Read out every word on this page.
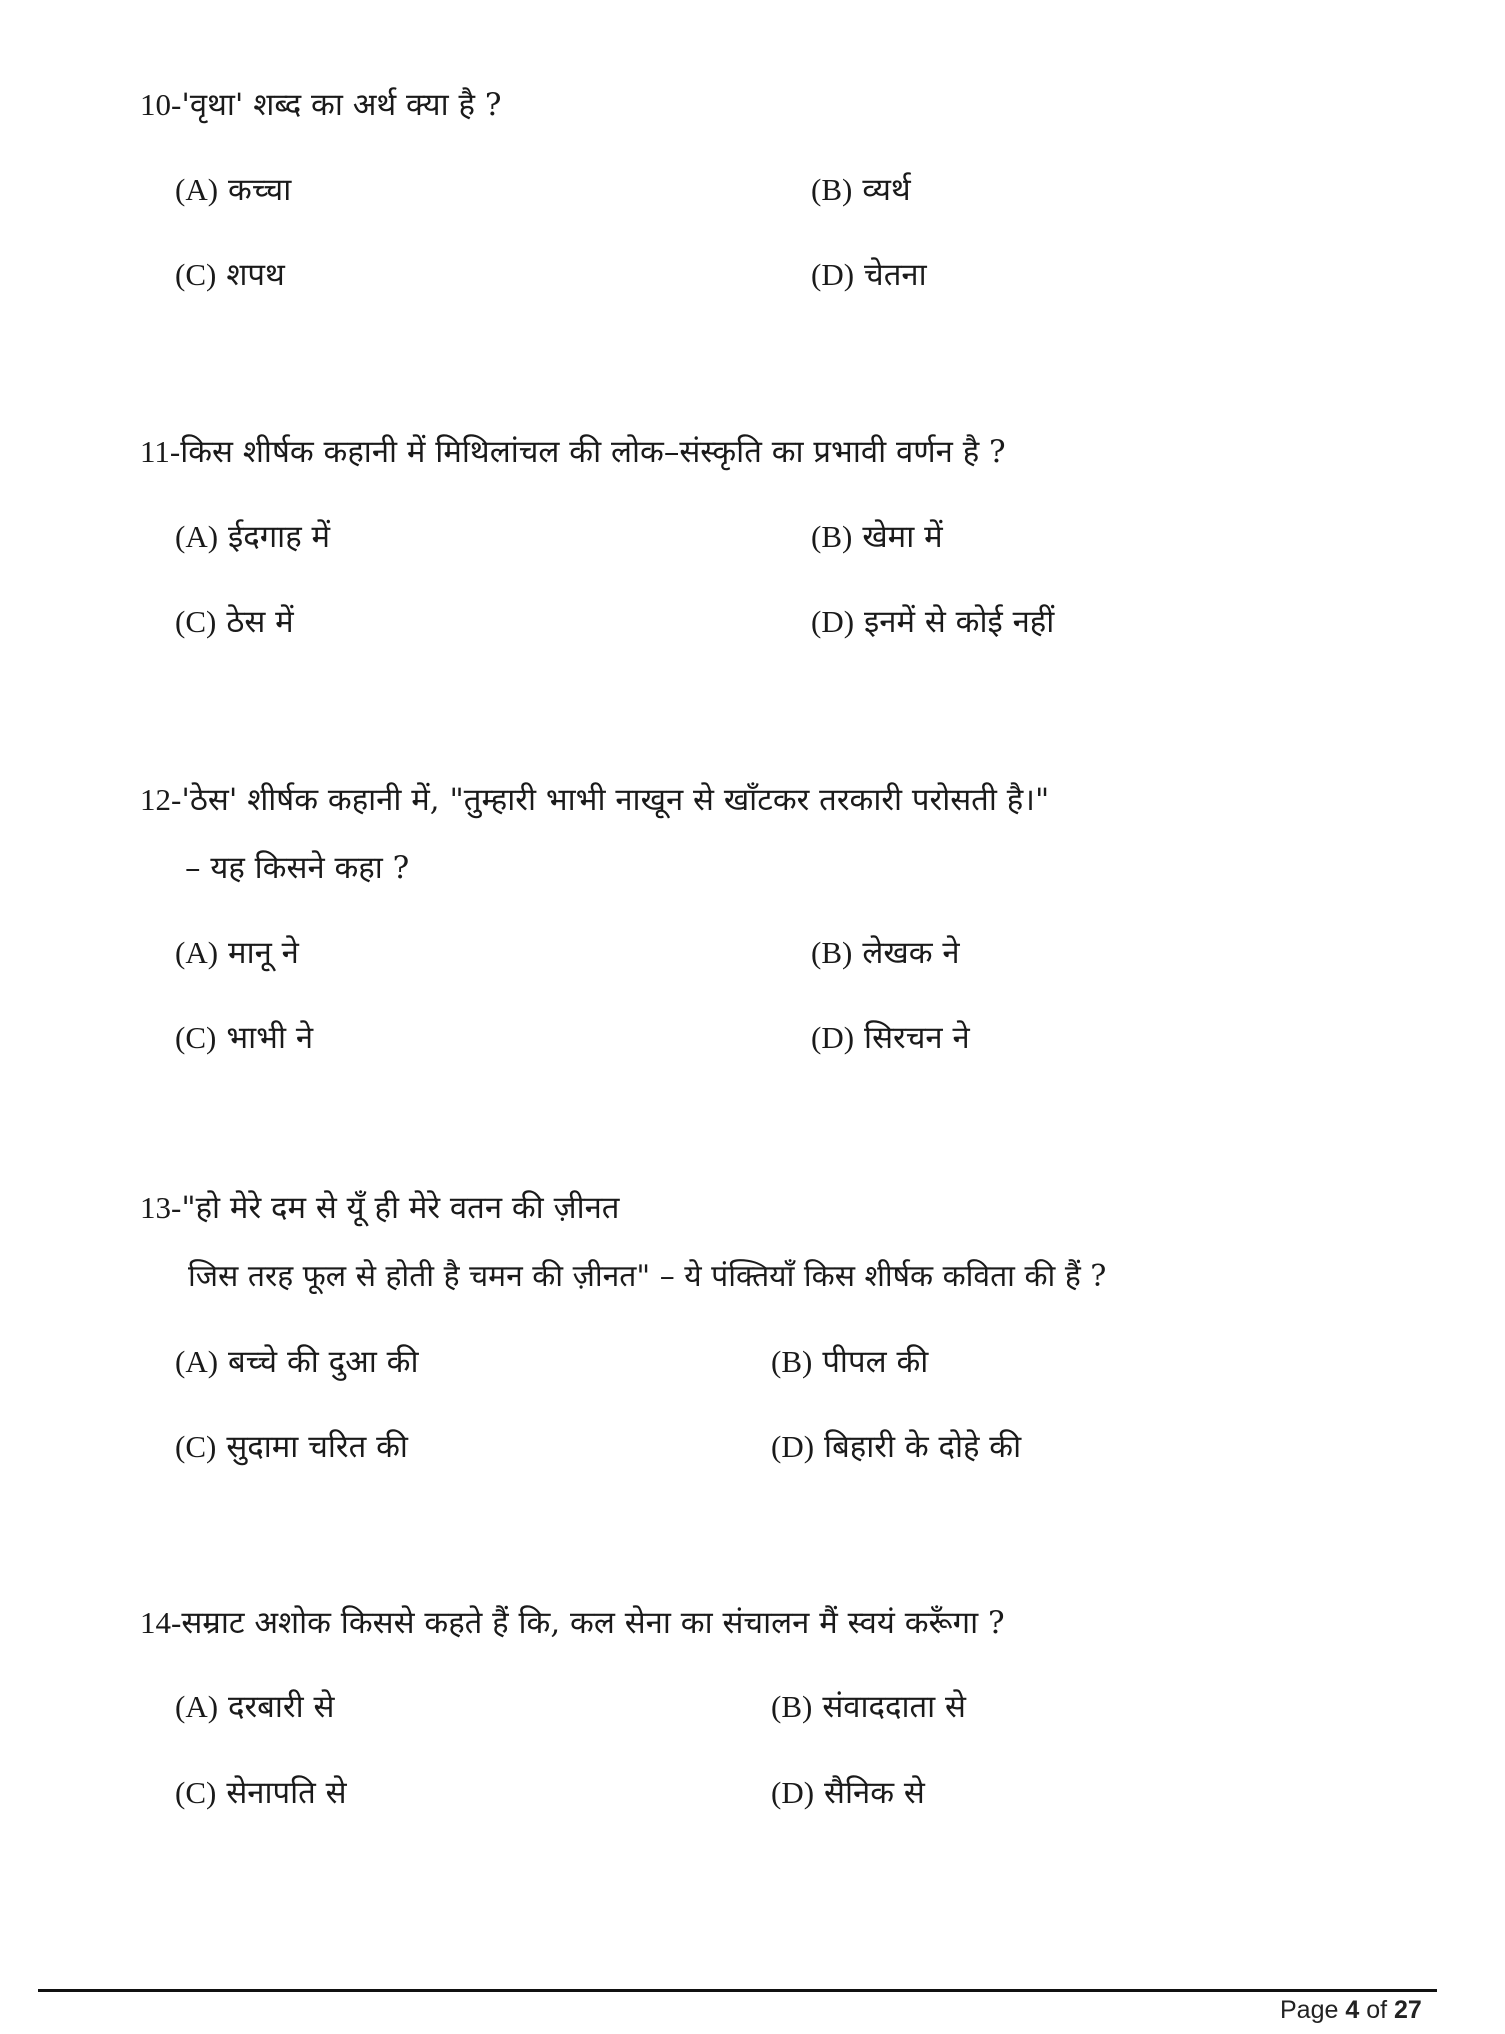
10-'वृथा' शब्द का अर्थ क्या है ?
(A) कच्चा	(B) व्यर्थ
(C) शपथ	(D) चेतना
11-किस शीर्षक कहानी में मिथिलांचल की लोक–संस्कृति का प्रभावी वर्णन है ?
(A) ईदगाह में	(B) खेमा में
(C) ठेस में	(D) इनमें से कोई नहीं
12-'ठेस' शीर्षक कहानी में, "तुम्हारी भाभी नाखून से खाँटकर तरकारी परोसती है।"
– यह किसने कहा ?
(A) मानू ने	(B) लेखक ने
(C) भाभी ने	(D) सिरचन ने
13-"हो मेरे दम से यूँ ही मेरे वतन की ज़ीनत
जिस तरह फूल से होती है चमन की ज़ीनत" – ये पंक्तियाँ किस शीर्षक कविता की हैं ?
(A) बच्चे की दुआ की	(B) पीपल की
(C) सुदामा चरित की	(D) बिहारी के दोहे की
14-सम्राट अशोक किससे कहते हैं कि, कल सेना का संचालन मैं स्वयं करूँगा ?
(A) दरबारी से	(B) संवाददाता से
(C) सेनापति से	(D) सैनिक से
Page 4 of 27
